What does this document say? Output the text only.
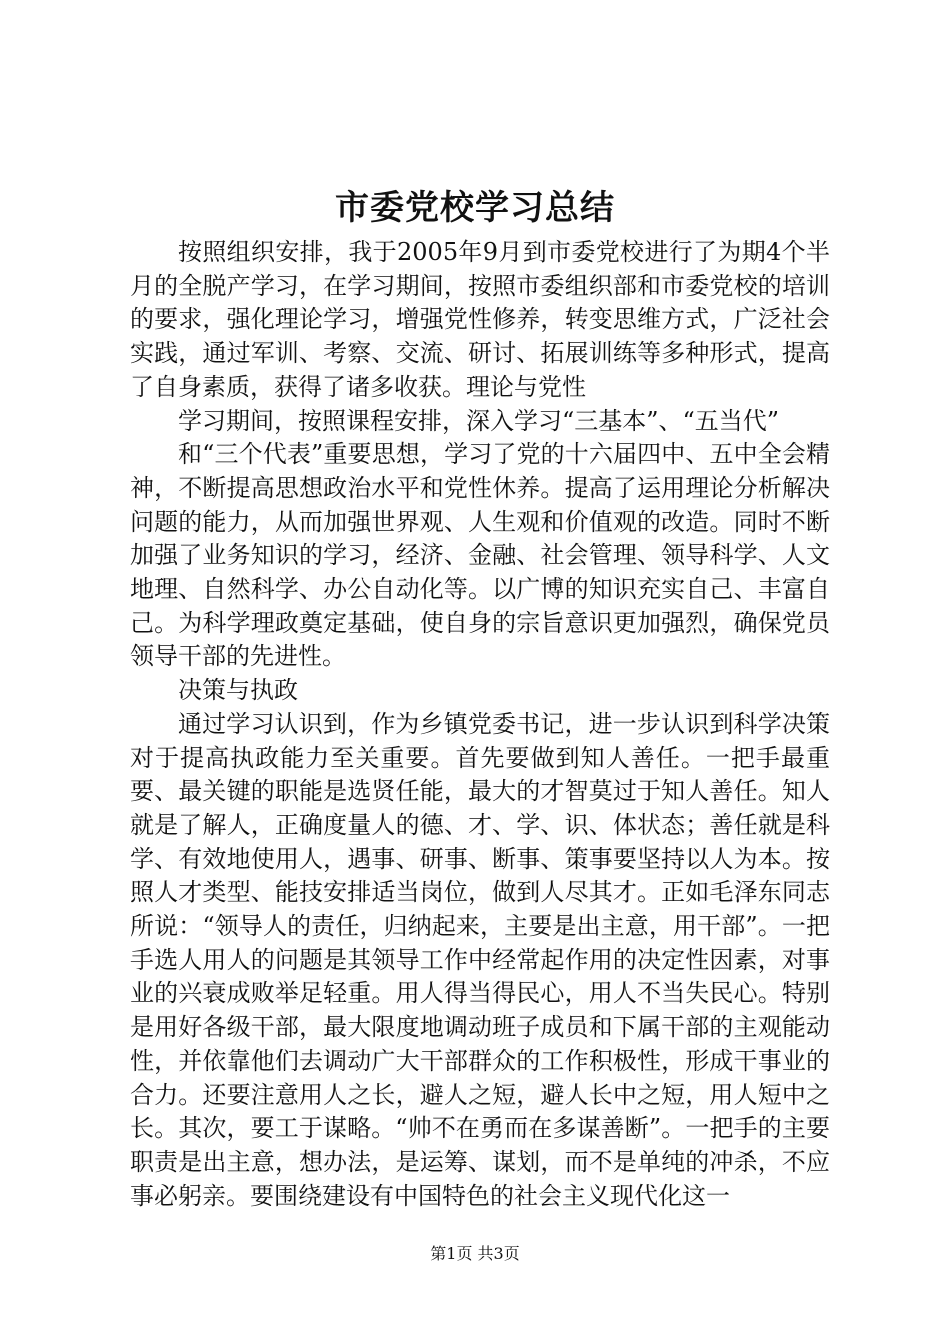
市委党校学习总结

按照组织安排，我于2005年9月到市委党校进行了为期4个半月的全脱产学习，在学习期间，按照市委组织部和市委党校的培训的要求，强化理论学习，增强党性修养，转变思维方式，广泛社会实践，通过军训、考察、交流、研讨、拓展训练等多种形式，提高了自身素质，获得了诸多收获。理论与党性

学习期间，按照课程安排，深入学习“三基本”、“五当代”

和“三个代表”重要思想，学习了党的十六届四中、五中全会精神，不断提高思想政治水平和党性休养。提高了运用理论分析解决问题的能力，从而加强世界观、人生观和价值观的改造。同时不断加强了业务知识的学习，经济、金融、社会管理、领导科学、人文地理、自然科学、办公自动化等。以广博的知识充实自己、丰富自己。为科学理政奠定基础，使自身的宗旨意识更加强烈，确保党员领导干部的先进性。

决策与执政

通过学习认识到，作为乡镇党委书记，进一步认识到科学决策对于提高执政能力至关重要。首先要做到知人善任。一把手最重要、最关键的职能是选贤任能，最大的才智莫过于知人善任。知人就是了解人，正确度量人的德、才、学、识、体状态；善任就是科学、有效地使用人，遇事、研事、断事、策事要坚持以人为本。按照人才类型、能技安排适当岗位，做到人尽其才。正如毛泽东同志所说：“领导人的责任，归纳起来，主要是出主意，用干部”。一把手选人用人的问题是其领导工作中经常起作用的决定性因素，对事业的兴衰成败举足轻重。用人得当得民心，用人不当失民心。特别是用好各级干部，最大限度地调动班子成员和下属干部的主观能动性，并依靠他们去调动广大干部群众的工作积极性，形成干事业的合力。还要注意用人之长，避人之短，避人长中之短，用人短中之长。其次，要工于谋略。“帅不在勇而在多谋善断”。一把手的主要职责是出主意，想办法，是运筹、谋划，而不是单纯的冲杀，不应事必躬亲。要围绕建设有中国特色的社会主义现代化这一

第1页 共3页
